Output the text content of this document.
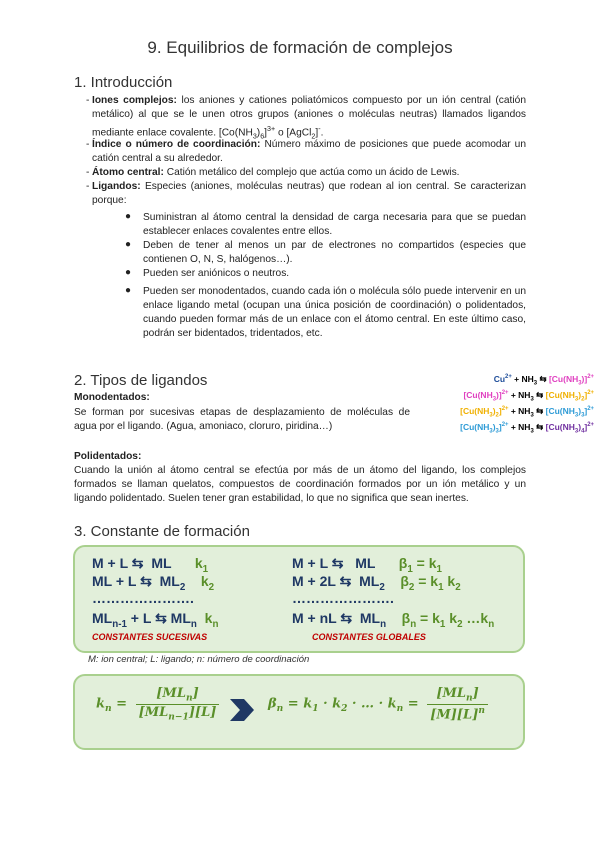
9. Equilibrios de formación de complejos
1. Introducción
- Iones complejos: los aniones y cationes poliatómicos compuesto por un ión central (catión metálico) al que se le unen otros grupos (aniones o moléculas neutras) llamados ligandos mediante enlace covalente. $[Co(NH_3)_6]^{3+}$ o [AgCl$_2$]-.
- Índice o número de coordinación: Número máximo de posiciones que puede acomodar un catión central a su alrededor.
- Átomo central: Catión metálico del complejo que actúa como un ácido de Lewis.
- Ligandos: Especies (aniones, moléculas neutras) que rodean al ion central. Se caracterizan porque:
● Suministran al átomo central la densidad de carga necesaria para que se puedan establecer enlaces covalentes entre ellos.
● Deben de tener al menos un par de electrones no compartidos (especies que contienen O, N, S, halógenos…).
● Pueden ser aniónicos o neutros.
● Pueden ser monodentados, cuando cada ión o molécula sólo puede intervenir en un enlace ligando metal (ocupan una única posición de coordinación) o polidentados, cuando pueden formar más de un enlace con el átomo central. En este último caso, podrán ser bidentados, tridentados, etc.
2. Tipos de ligandos
Monodentados:
Se forman por sucesivas etapas de desplazamiento de moléculas de agua por el ligando. (Agua, amoniaco, cloruro, piridina…)
$Cu^{2+} + NH_3$ ⇆ $[Cu(NH_3)]^{2+}$
$[Cu(NH_3)]^{2+} + NH_3$ ⇆ $[Cu(NH_3)_2]^{2+}$
$[Cu(NH_3)_2]^{2+} + NH_3$ ⇆ $[Cu(NH_3)_3]^{2+}$
$[Cu(NH_3)_3]^{2+} + NH_3$ ⇆ $[Cu(NH_3)_4]^{2+}$
Polidentados:
Cuando la unión al átomo central se efectúa por más de un átomo del ligando, los complejos formados se llaman quelatos, compuestos de coordinación formados por un ión metálico y un ligando polidentado. Suelen tener gran estabilidad, lo que no significa que sean inertes.
3. Constante de formación
M + L ⇆  ML      $k_1$
ML + L ⇆  $ML_2$ $k_2$
………………….
$ML_{n-1} + L$ ⇆ $ML_n$ $k_n$
CONSTANTES SUCESIVAS
M + L ⇆   ML      $\beta_1 = k_1$
M + 2L ⇆  $ML_2$ $\beta_2 = k_1$ $k_2$
………………….
M + nL ⇆  $ML_n$ $\beta_n = k_1$ $k_2$ $\dots k_n$
CONSTANTES GLOBALES
M: ion central; L: ligando; n: número de coordinación
$k_n = \frac{[ML_n]}{[ML_{n-1}][L]}$	$\beta_n = k_1 \cdot k_2$ · … · $k_n = \frac{[ML_n]}{[M][L]^n}$
